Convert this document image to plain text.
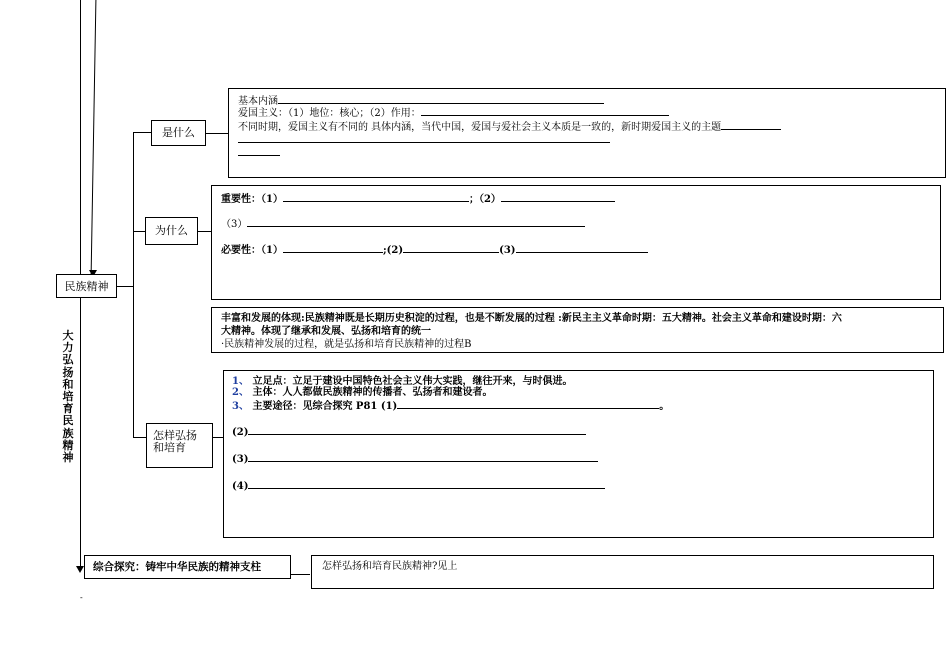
民族精神
大力弘扬和培育民族精神
是什么
基本内涵
爱国主义：（1）地位：核心；（2）作用：
不同时期，爱国主义有不同的 具体内涵，当代中国，爱国与爱社会主义本质是一致的，新时期爱国主义的主题
为什么
重要性：（1）	；（2）
（3）
必要性：（1）	;(2)	(3)
丰富和发展的体现:民族精神既是长期历史积淀的过程，也是不断发展的过程 :新民主主义革命时期：五大精神。社会主义革命和建设时期：六
大精神。体现了继承和发展、弘扬和培育的统一
·民族精神发展的过程，就是弘扬和培育民族精神的过程B
怎样弘扬
和培育
1、 立足点：立足于建设中国特色社会主义伟大实践，继往开来，与时俱进。
2、 主体：人人都做民族精神的传播者、弘扬者和建设者。
3、 主要途径：见综合探究 P81 (1)	。
(2)
(3)
(4)
综合探究：铸牢中华民族的精神支柱	怎样弘扬和培育民族精神?见上
-
